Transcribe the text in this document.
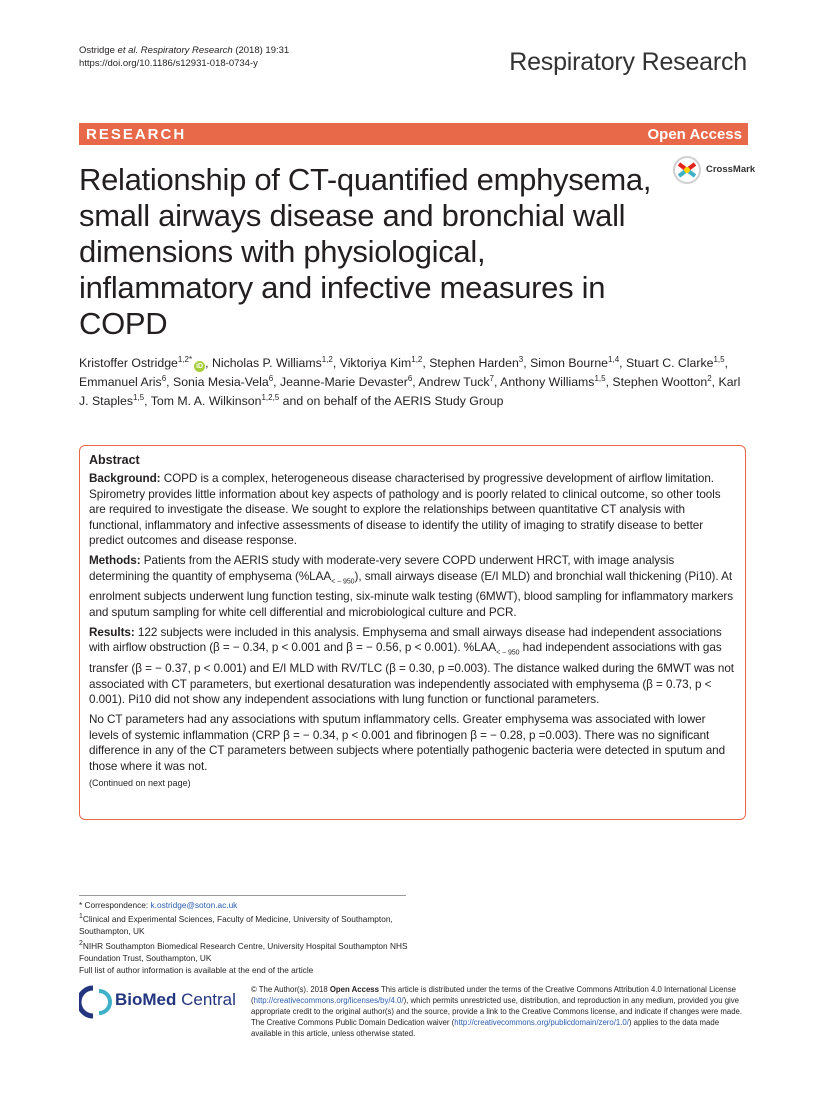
Ostridge et al. Respiratory Research (2018) 19:31
https://doi.org/10.1186/s12931-018-0734-y	Respiratory Research
RESEARCH	Open Access
Relationship of CT-quantified emphysema, small airways disease and bronchial wall dimensions with physiological, inflammatory and infective measures in COPD
CrossMark
Kristoffer Ostridge$^{1,2*}$iD , Nicholas P. Williams$^{1,2}$, Viktoriya Kim$^{1,2}$, Stephen Harden$^3$, Simon Bourne$^{1,4}$, Stuart C. Clarke$^{1,5}$, Emmanuel Aris$^6$, Sonia Mesia-Vela$^6$, Jeanne-Marie Devaster$^6$, Andrew Tuck$^7$, Anthony Williams$^{1,5}$, Stephen Wootton$^2$, Karl J. Staples$^{1,5}$, Tom M. A. Wilkinson$^{1,2,5}$ and on behalf of the AERIS Study Group
Abstract

Background: COPD is a complex, heterogeneous disease characterised by progressive development of airflow limitation. Spirometry provides little information about key aspects of pathology and is poorly related to clinical outcome, so other tools are required to investigate the disease. We sought to explore the relationships between quantitative CT analysis with functional, inflammatory and infective assessments of disease to identify the utility of imaging to stratify disease to better predict outcomes and disease response.

Methods: Patients from the AERIS study with moderate-very severe COPD underwent HRCT, with image analysis determining the quantity of emphysema $(\%LAA_{< - 950})$, small airways disease (E/I MLD) and bronchial wall thickening (Pi10). At enrolment subjects underwent lung function testing, six-minute walk testing (6MWT), blood sampling for inflammatory markers and sputum sampling for white cell differential and microbiological culture and PCR.

Results: 122 subjects were included in this analysis. Emphysema and small airways disease had independent associations with airflow obstruction (β = − 0.34, p < 0.001 and β = − 0.56, p < 0.001). $\%LAA_{< - 950}$ had independent associations with gas transfer (β = − 0.37, p < 0.001) and E/I MLD with RV/TLC (β = 0.30, p =0.003). The distance walked during the 6MWT was not associated with CT parameters, but exertional desaturation was independently associated with emphysema (β = 0.73, p < 0.001). Pi10 did not show any independent associations with lung function or functional parameters.

No CT parameters had any associations with sputum inflammatory cells. Greater emphysema was associated with lower levels of systemic inflammation (CRP β = − 0.34, p < 0.001 and fibrinogen β = − 0.28, p =0.003). There was no significant difference in any of the CT parameters between subjects where potentially pathogenic bacteria were detected in sputum and those where it was not.

(Continued on next page)
* Correspondence: k.ostridge@soton.ac.uk
$^1$Clinical and Experimental Sciences, Faculty of Medicine, University of Southampton, Southampton, UK
$^2$NIHR Southampton Biomedical Research Centre, University Hospital Southampton NHS Foundation Trust, Southampton, UK
Full list of author information is available at the end of the article
BioMed Central
© The Author(s). 2018 Open Access This article is distributed under the terms of the Creative Commons Attribution 4.0 International License (http://creativecommons.org/licenses/by/4.0/), which permits unrestricted use, distribution, and reproduction in any medium, provided you give appropriate credit to the original author(s) and the source, provide a link to the Creative Commons license, and indicate if changes were made. The Creative Commons Public Domain Dedication waiver (http://creativecommons.org/publicdomain/zero/1.0/) applies to the data made available in this article, unless otherwise stated.
